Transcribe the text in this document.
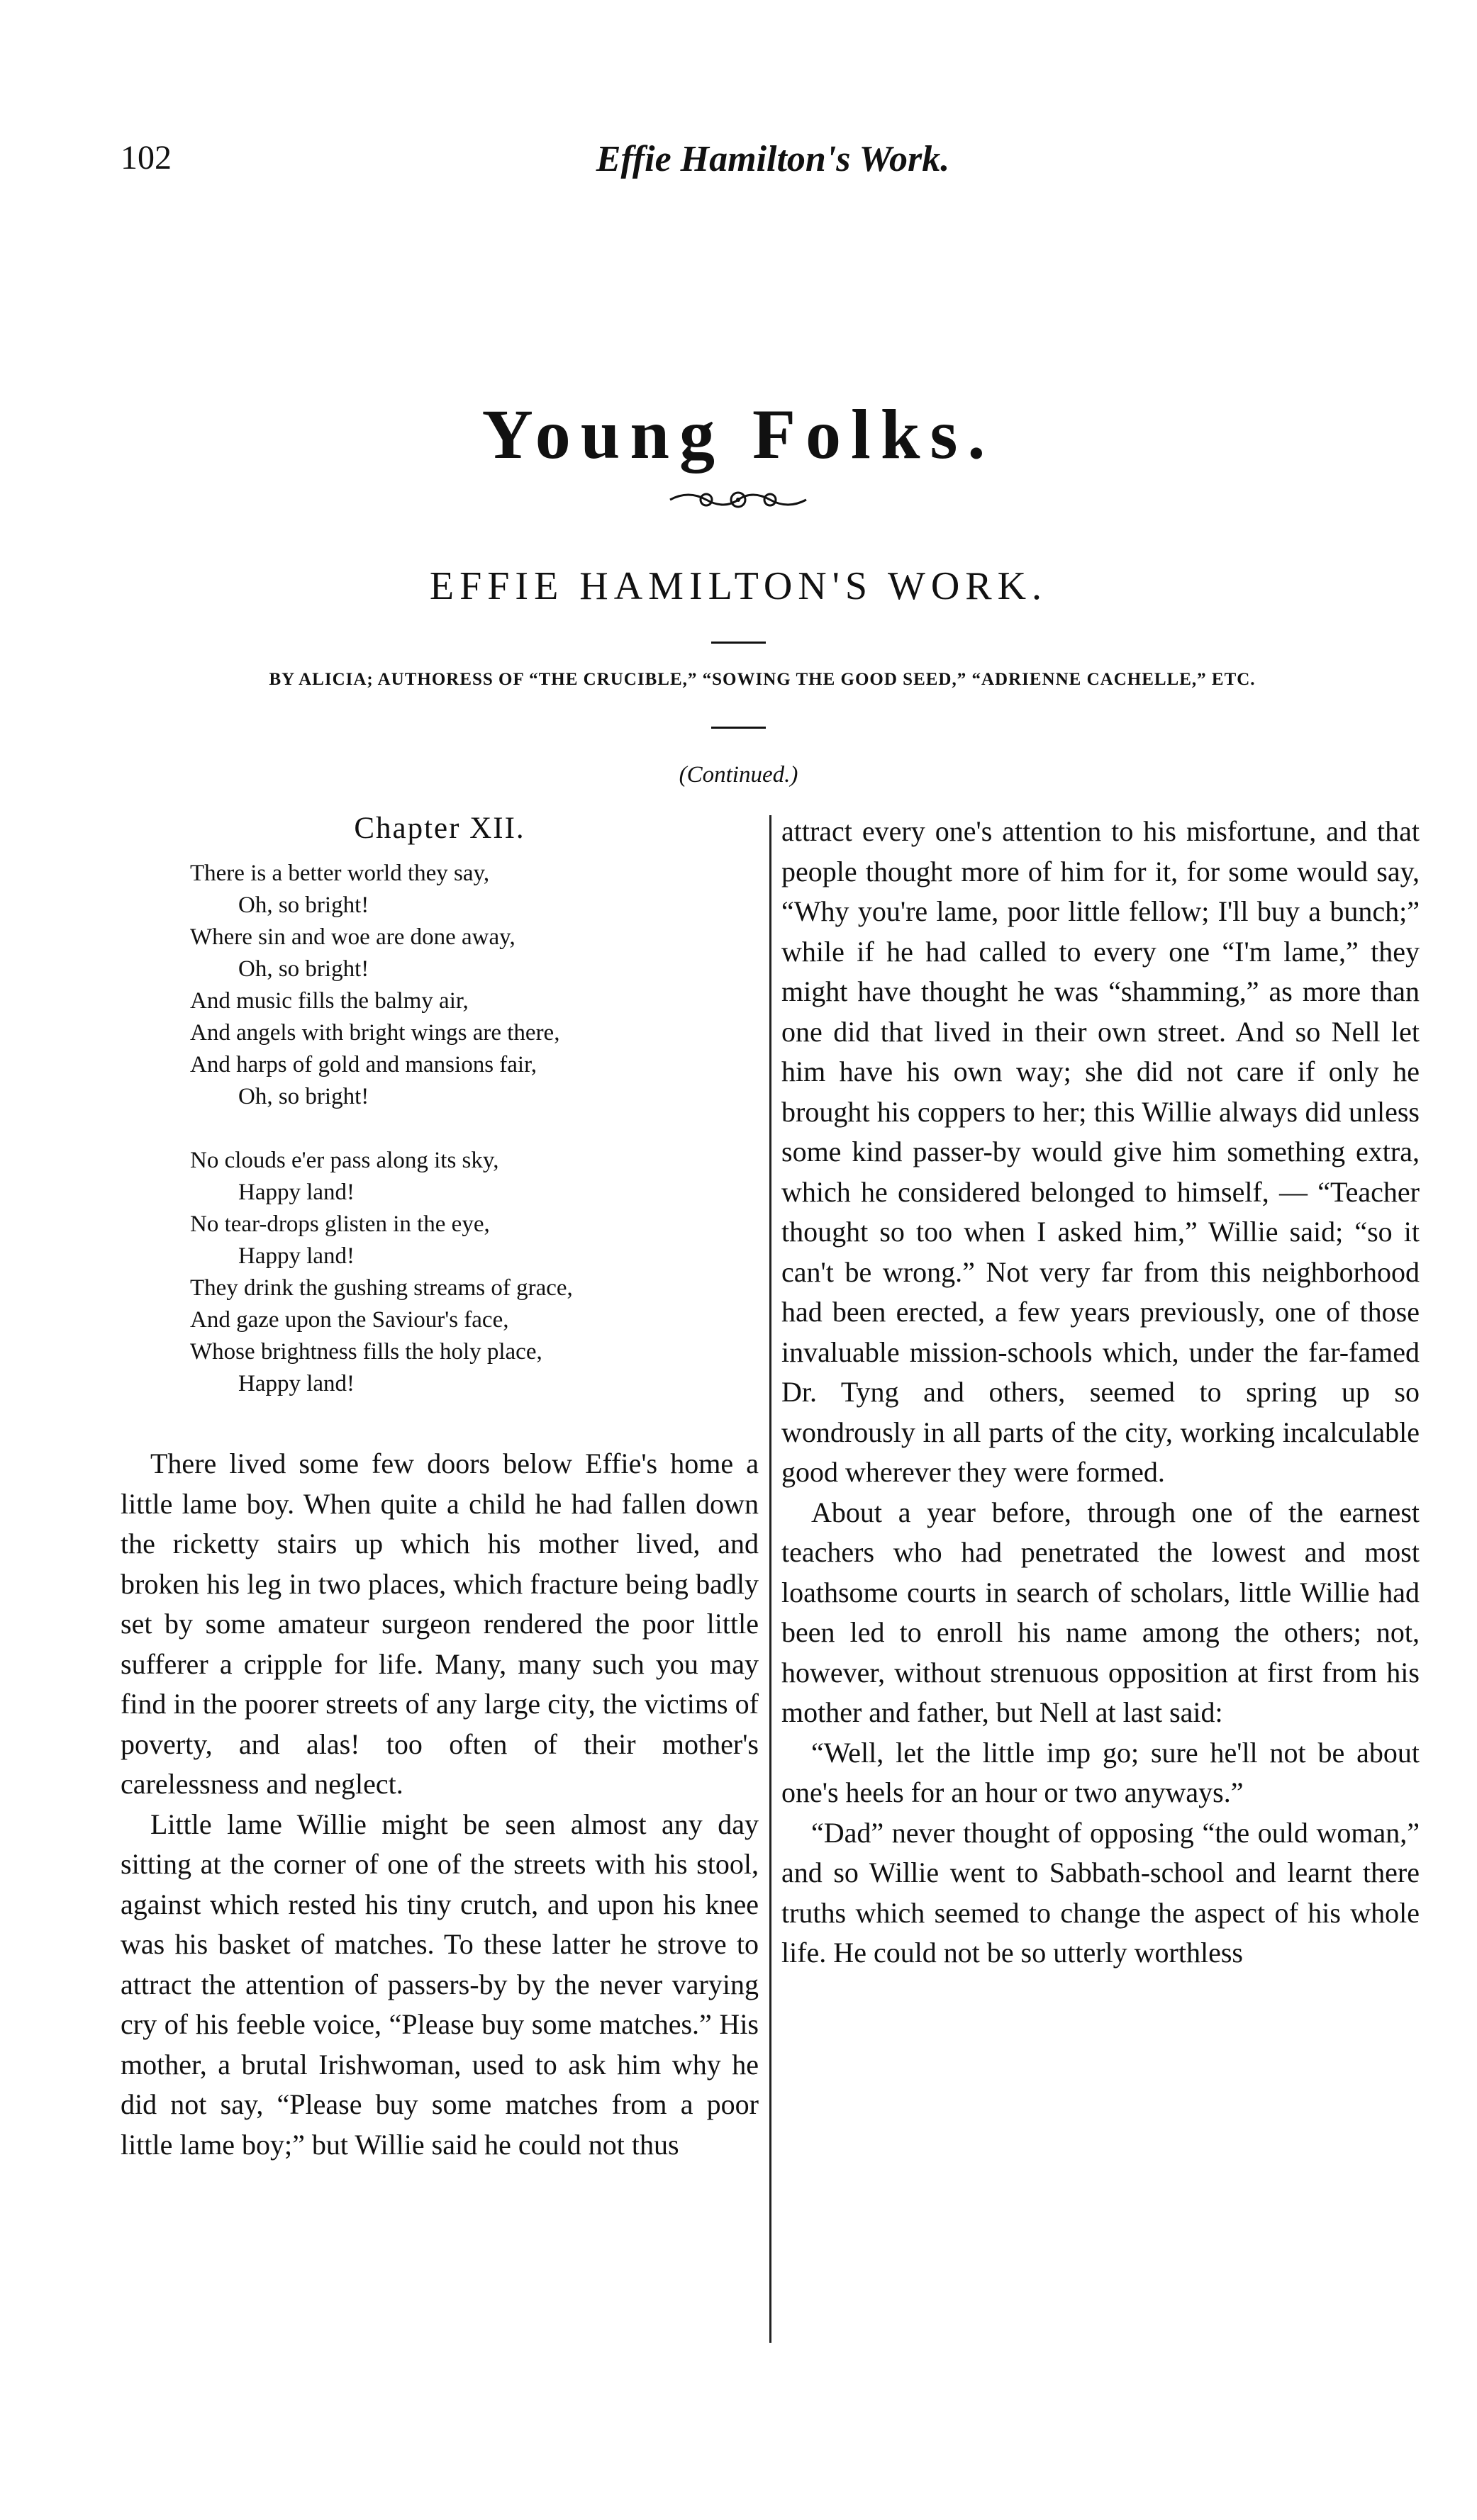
102	Effie Hamilton's Work.
Young Folks.
EFFIE HAMILTON'S WORK.
BY ALICIA; AUTHORESS OF “THE CRUCIBLE,” “SOWING THE GOOD SEED,” “ADRIENNE CACHELLE,” ETC.
(Continued.)
Chapter XII.
There is a better world they say,
Oh, so bright!
Where sin and woe are done away,
Oh, so bright!
And music fills the balmy air,
And angels with bright wings are there,
And harps of gold and mansions fair,
Oh, so bright!
No clouds e'er pass along its sky,
Happy land!
No tear-drops glisten in the eye,
Happy land!
They drink the gushing streams of grace,
And gaze upon the Saviour's face,
Whose brightness fills the holy place,
Happy land!

There lived some few doors below Effie's home a little lame boy. When quite a child he had fallen down the ricketty stairs up which his mother lived, and broken his leg in two places, which fracture being badly set by some amateur surgeon rendered the poor little sufferer a cripple for life. Many, many such you may find in the poorer streets of any large city, the victims of poverty, and alas! too often of their mother's carelessness and neglect.

Little lame Willie might be seen almost any day sitting at the corner of one of the streets with his stool, against which rested his tiny crutch, and upon his knee was his basket of matches. To these latter he strove to attract the attention of passers-by by the never varying cry of his feeble voice, “Please buy some matches.” His mother, a brutal Irishwoman, used to ask him why he did not say, “Please buy some matches from a poor little lame boy;” but Willie said he could not thus

attract every one's attention to his misfortune, and that people thought more of him for it, for some would say, “Why you're lame, poor little fellow; I'll buy a bunch;” while if he had called to every one “I'm lame,” they might have thought he was “shamming,” as more than one did that lived in their own street. And so Nell let him have his own way; she did not care if only he brought his coppers to her; this Willie always did unless some kind passer-by would give him something extra, which he considered belonged to himself, — “Teacher thought so too when I asked him,” Willie said; “so it can't be wrong.” Not very far from this neighborhood had been erected, a few years previously, one of those invaluable mission-schools which, under the far-famed Dr. Tyng and others, seemed to spring up so wondrously in all parts of the city, working incalculable good wherever they were formed.

About a year before, through one of the earnest teachers who had penetrated the lowest and most loathsome courts in search of scholars, little Willie had been led to enroll his name among the others; not, however, without strenuous opposition at first from his mother and father, but Nell at last said:

“Well, let the little imp go; sure he'll not be about one's heels for an hour or two anyways.”

“Dad” never thought of opposing “the ould woman,” and so Willie went to Sabbath-school and learnt there truths which seemed to change the aspect of his whole life. He could not be so utterly worthless
